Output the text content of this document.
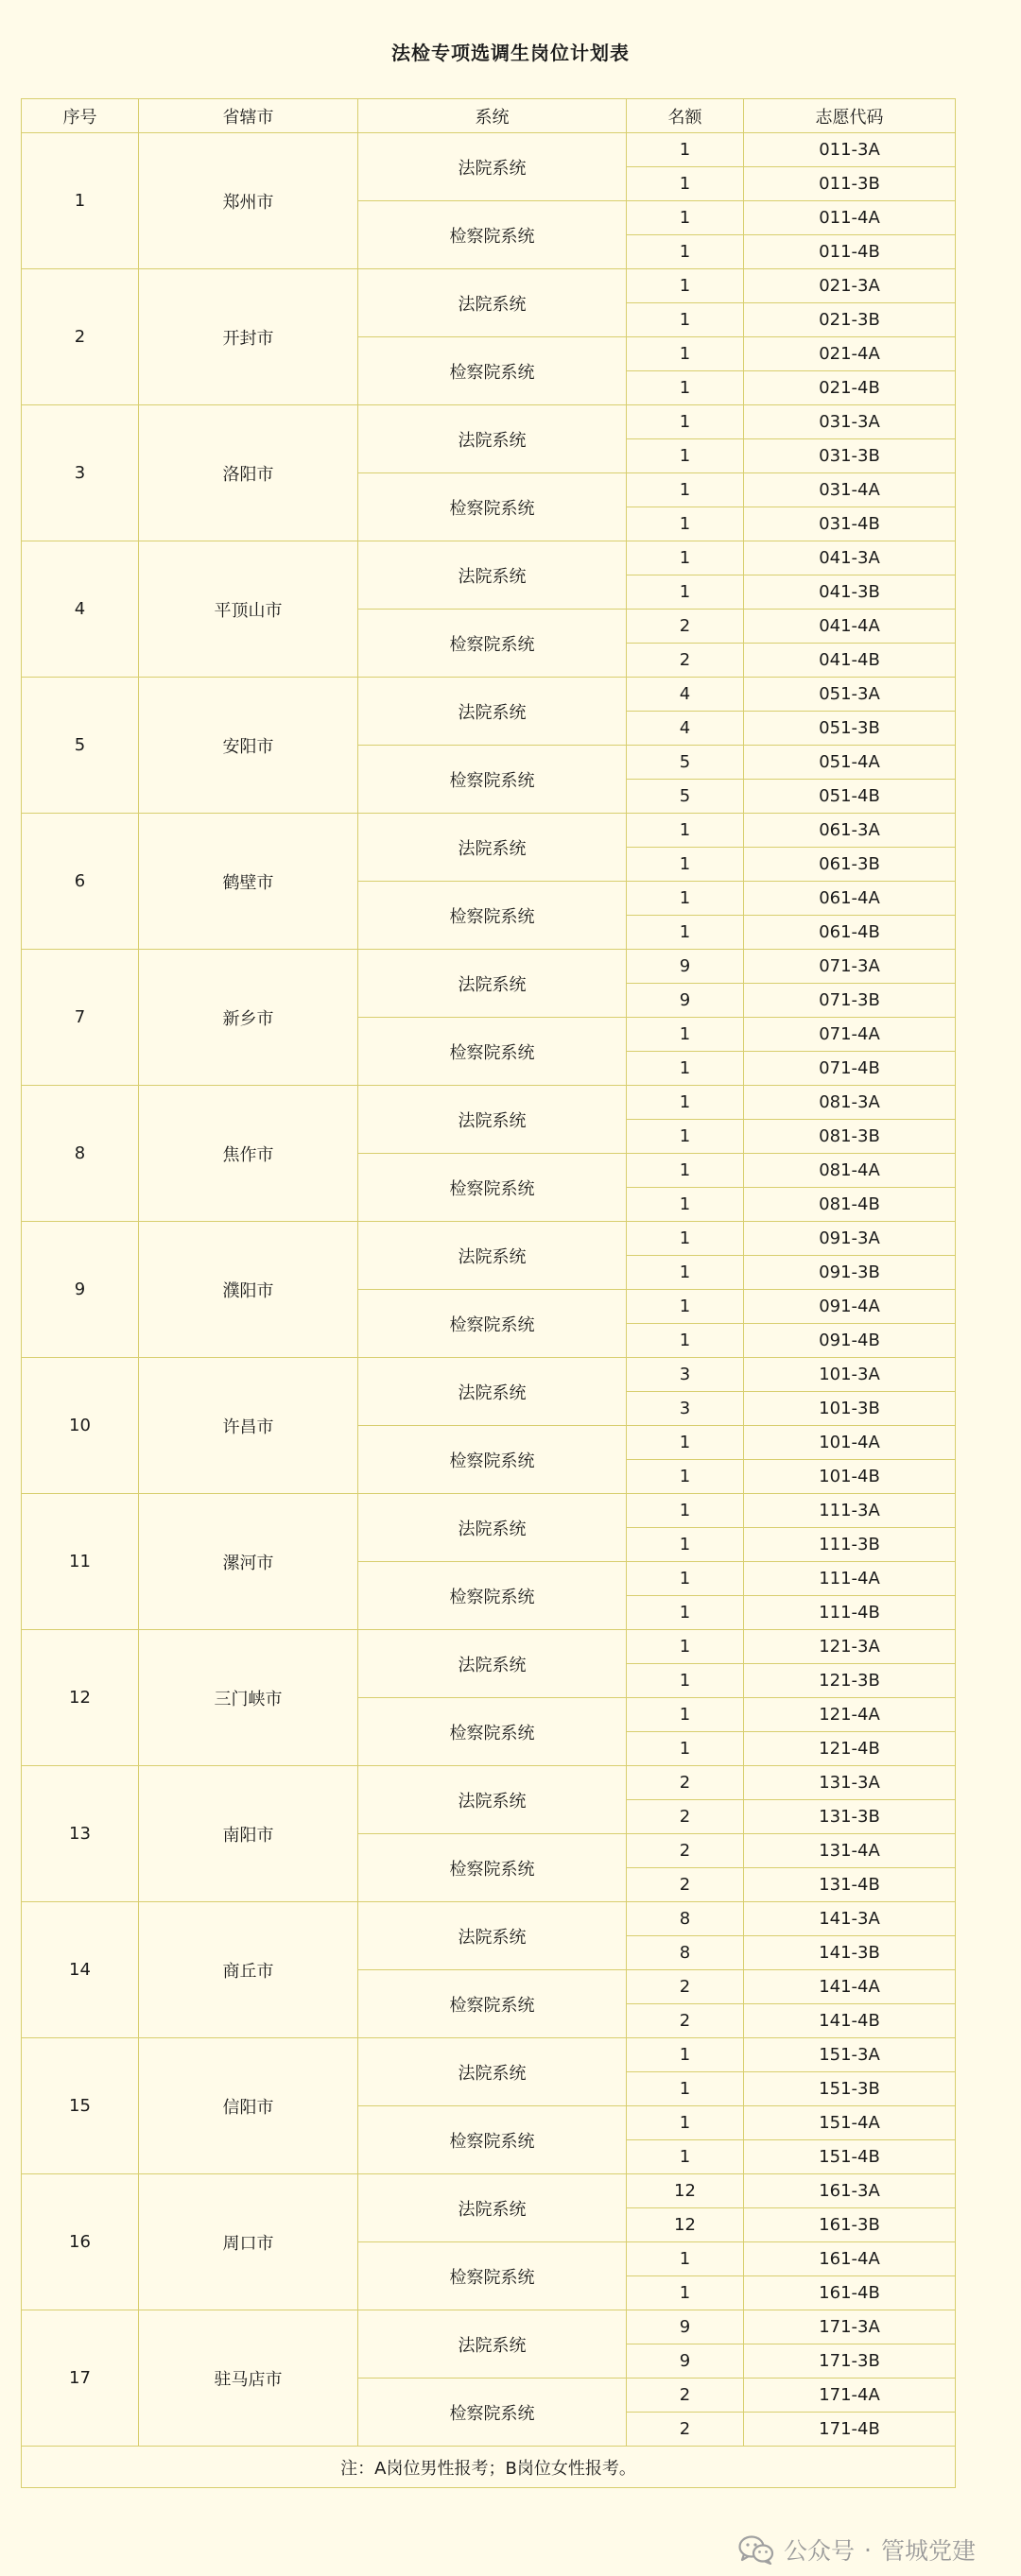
法检专项选调生岗位计划表
序号	省辖市	系统	名额	志愿代码
1	郑州市	法院系统	1	011-3A
			1	011-3B
		检察院系统	1	011-4A
			1	011-4B
2	开封市	法院系统	1	021-3A
			1	021-3B
		检察院系统	1	021-4A
			1	021-4B
3	洛阳市	法院系统	1	031-3A
			1	031-3B
		检察院系统	1	031-4A
			1	031-4B
4	平顶山市	法院系统	1	041-3A
			1	041-3B
		检察院系统	2	041-4A
			2	041-4B
5	安阳市	法院系统	4	051-3A
			4	051-3B
		检察院系统	5	051-4A
			5	051-4B
6	鹤壁市	法院系统	1	061-3A
			1	061-3B
		检察院系统	1	061-4A
			1	061-4B
7	新乡市	法院系统	9	071-3A
			9	071-3B
		检察院系统	1	071-4A
			1	071-4B
8	焦作市	法院系统	1	081-3A
			1	081-3B
		检察院系统	1	081-4A
			1	081-4B
9	濮阳市	法院系统	1	091-3A
			1	091-3B
		检察院系统	1	091-4A
			1	091-4B
10	许昌市	法院系统	3	101-3A
			3	101-3B
		检察院系统	1	101-4A
			1	101-4B
11	漯河市	法院系统	1	111-3A
			1	111-3B
		检察院系统	1	111-4A
			1	111-4B
12	三门峡市	法院系统	1	121-3A
			1	121-3B
		检察院系统	1	121-4A
			1	121-4B
13	南阳市	法院系统	2	131-3A
			2	131-3B
		检察院系统	2	131-4A
			2	131-4B
14	商丘市	法院系统	8	141-3A
			8	141-3B
		检察院系统	2	141-4A
			2	141-4B
15	信阳市	法院系统	1	151-3A
			1	151-3B
		检察院系统	1	151-4A
			1	151-4B
16	周口市	法院系统	12	161-3A
			12	161-3B
		检察院系统	1	161-4A
			1	161-4B
17	驻马店市	法院系统	9	171-3A
			9	171-3B
		检察院系统	2	171-4A
			2	171-4B
注：A岗位男性报考；B岗位女性报考。				
公众号 · 管城党建
